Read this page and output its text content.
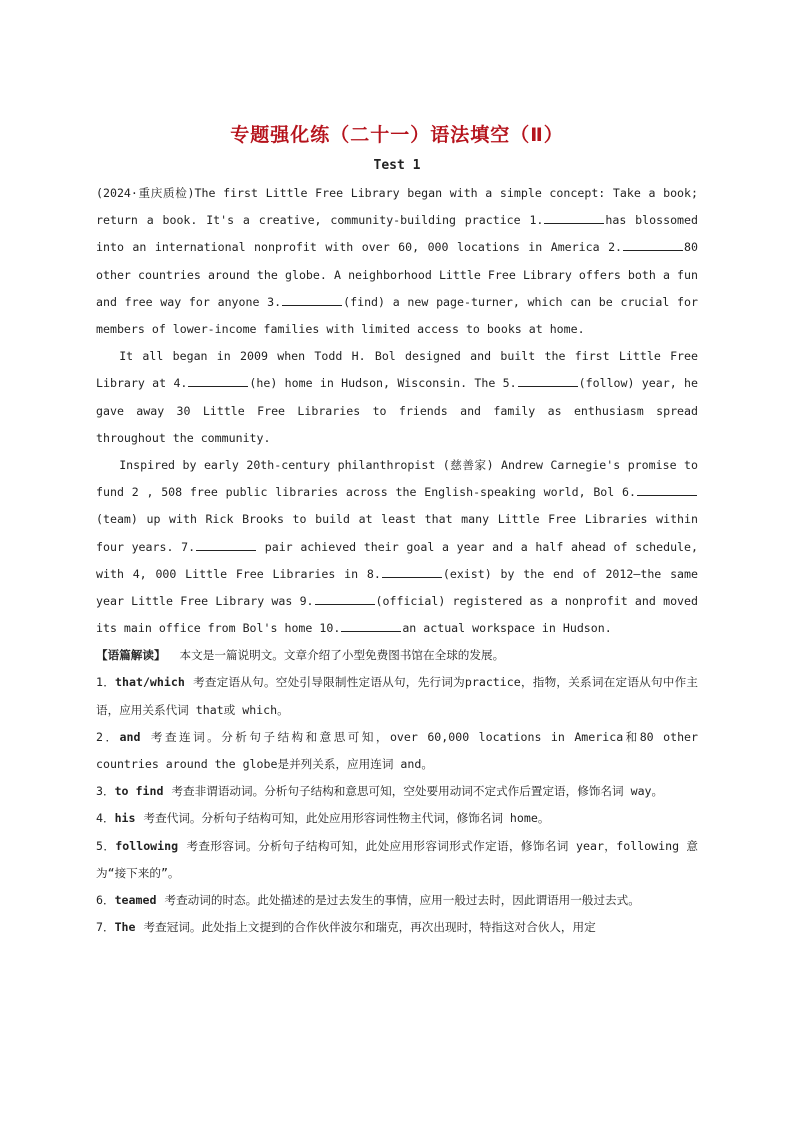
专题强化练（二十一）语法填空（Ⅱ）
Test 1

(2024·重庆质检)The first Little Free Library began with a simple concept: Take a book; return a book. It's a creative, community-building practice 1.	has blossomed into an international nonprofit with over 60, 000 locations in America 2.	80 other countries around the globe. A neighborhood Little Free Library offers both a fun and free way for anyone 3.	(find) a new page-turner, which can be crucial for members of lower-income families with limited access to books at home.

It all began in 2009 when Todd H. Bol designed and built the first Little Free Library at 4.	(he) home in Hudson, Wisconsin. The 5.	(follow) year, he gave away 30 Little Free Libraries to friends and family as enthusiasm spread throughout the community.

Inspired by early 20th-century philanthropist (慈善家) Andrew Carnegie's promise to fund 2 , 508 free public libraries across the English-speaking world, Bol 6.(team) up with Rick Brooks to build at least that many Little Free Libraries within four years. 7.	pair achieved their goal a year and a half ahead of schedule, with 4, 000 Little Free Libraries in 8.	(exist) by the end of 2012—the same year Little Free Library was 9.	(official) registered as a nonprofit and moved its main office from Bol's home 10.	an actual workspace in Hudson.

【语篇解读】 本文是一篇说明文。文章介绍了小型免费图书馆在全球的发展。

1．that/which 考查定语从句。空处引导限制性定语从句，先行词为practice，指物，关系词在定语从句中作主语，应用关系代词 that或 which。

2．and 考查连词。分析句子结构和意思可知，over 60,000 locations in America和80 other countries around the globe是并列关系，应用连词 and。

3．to find 考查非谓语动词。分析句子结构和意思可知，空处要用动词不定式作后置定语，修饰名词 way。

4．his 考查代词。分析句子结构可知，此处应用形容词性物主代词，修饰名词 home。

5．following 考查形容词。分析句子结构可知，此处应用形容词形式作定语，修饰名词 year，following 意为“接下来的”。

6．teamed 考查动词的时态。此处描述的是过去发生的事情，应用一般过去时，因此谓语用一般过去式。

7．The 考查冠词。此处指上文提到的合作伙伴波尔和瑞克，再次出现时，特指这对合伙人，用定
